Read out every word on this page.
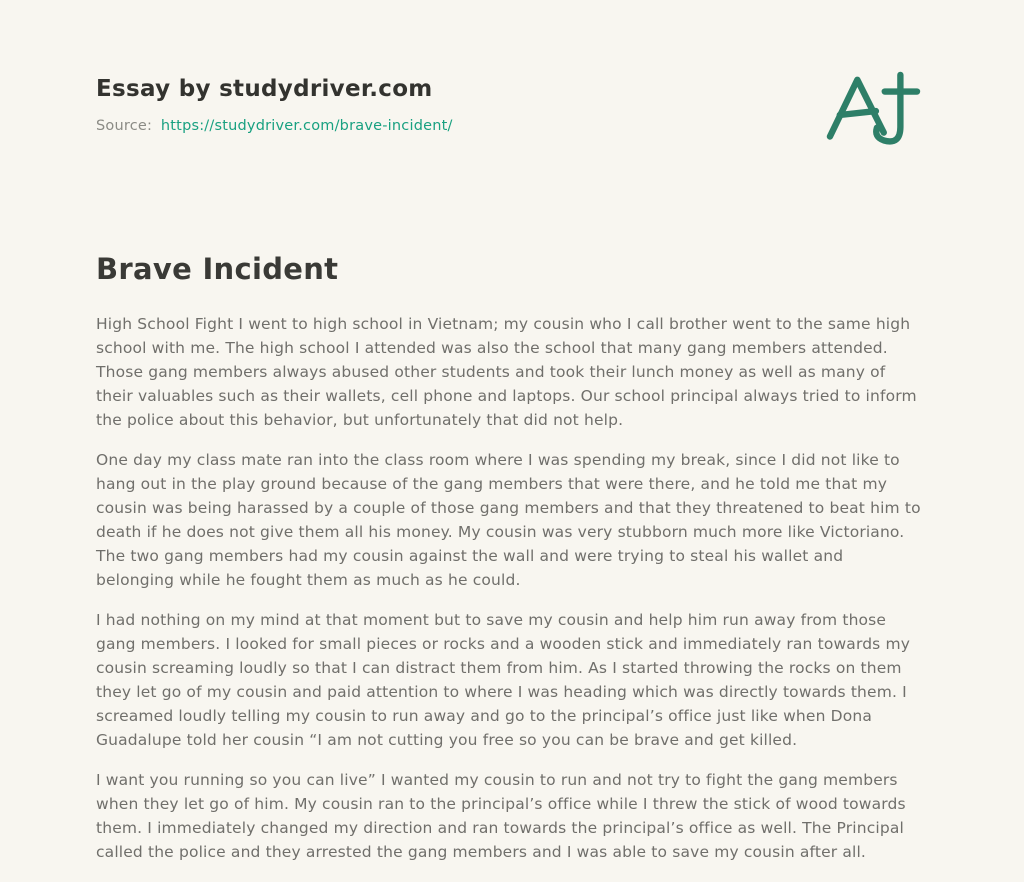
Essay by studydriver.com

Source: https://studydriver.com/brave-incident/

Brave Incident

High School Fight I went to high school in Vietnam; my cousin who I call brother went to the same high school with me. The high school I attended was also the school that many gang members attended. Those gang members always abused other students and took their lunch money as well as many of their valuables such as their wallets, cell phone and laptops. Our school principal always tried to inform the police about this behavior, but unfortunately that did not help.

One day my class mate ran into the class room where I was spending my break, since I did not like to hang out in the play ground because of the gang members that were there, and he told me that my cousin was being harassed by a couple of those gang members and that they threatened to beat him to death if he does not give them all his money. My cousin was very stubborn much more like Victoriano. The two gang members had my cousin against the wall and were trying to steal his wallet and belonging while he fought them as much as he could.

I had nothing on my mind at that moment but to save my cousin and help him run away from those gang members. I looked for small pieces or rocks and a wooden stick and immediately ran towards my cousin screaming loudly so that I can distract them from him. As I started throwing the rocks on them they let go of my cousin and paid attention to where I was heading which was directly towards them. I screamed loudly telling my cousin to run away and go to the principal’s office just like when Dona Guadalupe told her cousin “I am not cutting you free so you can be brave and get killed.

I want you running so you can live” I wanted my cousin to run and not try to fight the gang members when they let go of him. My cousin ran to the principal’s office while I threw the stick of wood towards them. I immediately changed my direction and ran towards the principal’s office as well. The Principal called the police and they arrested the gang members and I was able to save my cousin after all.
